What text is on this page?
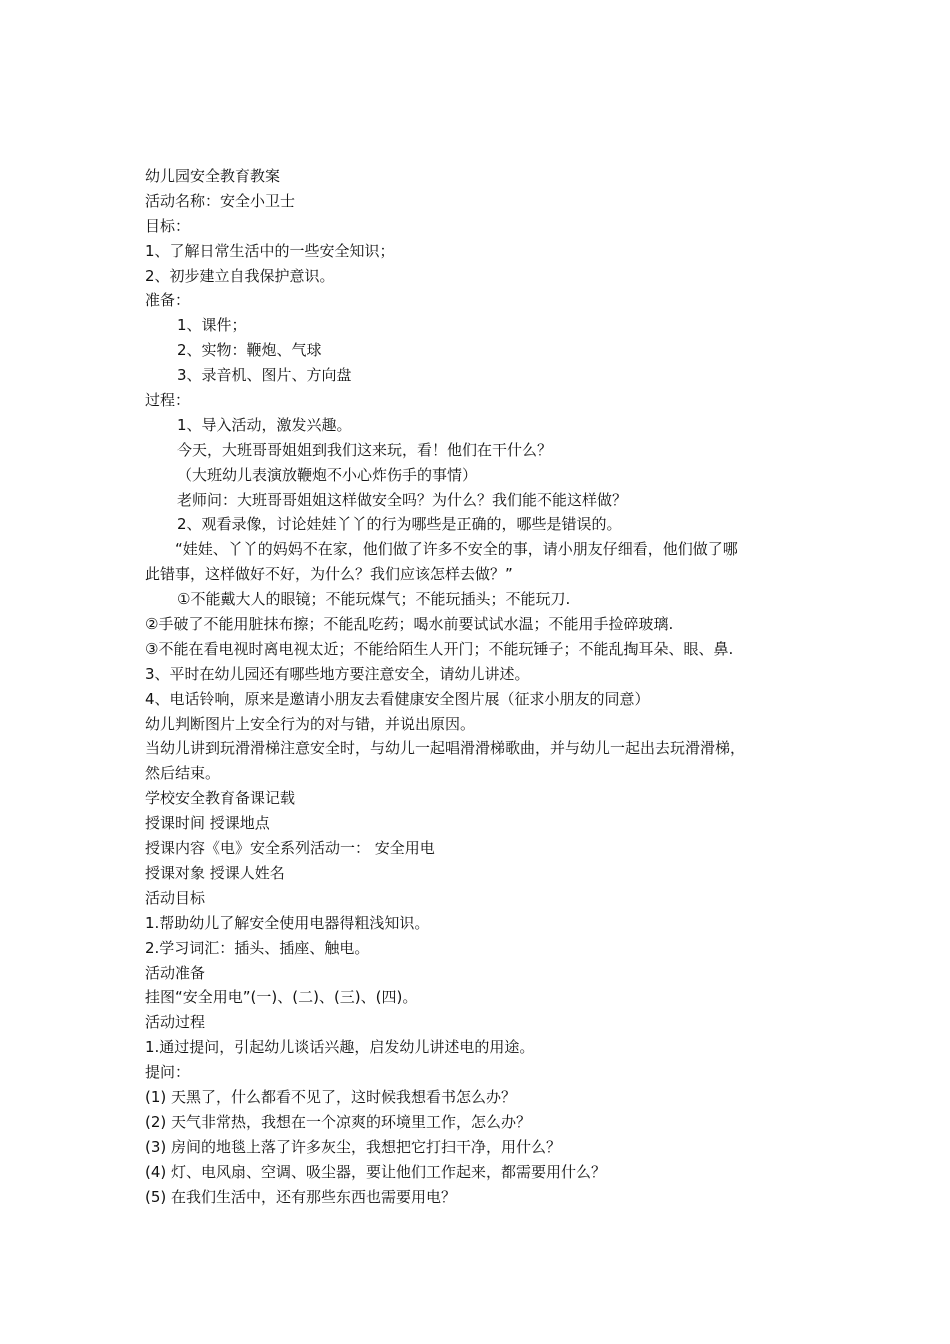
幼儿园安全教育教案
活动名称：安全小卫士
目标：
1、了解日常生活中的一些安全知识；
2、初步建立自我保护意识。
准备：
1、课件；
2、实物：鞭炮、气球
3、录音机、图片、方向盘
过程：
1、导入活动，激发兴趣。
今天，大班哥哥姐姐到我们这来玩，看！他们在干什么？
（大班幼儿表演放鞭炮不小心炸伤手的事情）
老师问：大班哥哥姐姐这样做安全吗？为什么？我们能不能这样做？
2、观看录像，讨论娃娃丫丫的行为哪些是正确的，哪些是错误的。
“娃娃、丫丫的妈妈不在家，他们做了许多不安全的事，请小朋友仔细看，他们做了哪
此错事，这样做好不好，为什么？我们应该怎样去做？”
①不能戴大人的眼镜；不能玩煤气；不能玩插头；不能玩刀.
②手破了不能用脏抹布擦；不能乱吃药；喝水前要试试水温；不能用手捡碎玻璃.
③不能在看电视时离电视太近；不能给陌生人开门；不能玩锤子；不能乱掏耳朵、眼、鼻.
3、平时在幼儿园还有哪些地方要注意安全，请幼儿讲述。
4、电话铃响，原来是邀请小朋友去看健康安全图片展（征求小朋友的同意）
幼儿判断图片上安全行为的对与错，并说出原因。
当幼儿讲到玩滑滑梯注意安全时，与幼儿一起唱滑滑梯歌曲，并与幼儿一起出去玩滑滑梯，
然后结束。
学校安全教育备课记载
授课时间 授课地点
授课内容《电》安全系列活动一： 安全用电
授课对象 授课人姓名
活动目标
1.帮助幼儿了解安全使用电器得粗浅知识。
2.学习词汇：插头、插座、触电。
活动准备
挂图“安全用电”(一)、(二)、(三)、(四)。
活动过程
1.通过提问，引起幼儿谈话兴趣，启发幼儿讲述电的用途。
提问：
(1) 天黑了，什么都看不见了，这时候我想看书怎么办？
(2) 天气非常热，我想在一个凉爽的环境里工作，怎么办？
(3) 房间的地毯上落了许多灰尘，我想把它打扫干净，用什么？
(4) 灯、电风扇、空调、吸尘器，要让他们工作起来，都需要用什么？
(5) 在我们生活中，还有那些东西也需要用电？
